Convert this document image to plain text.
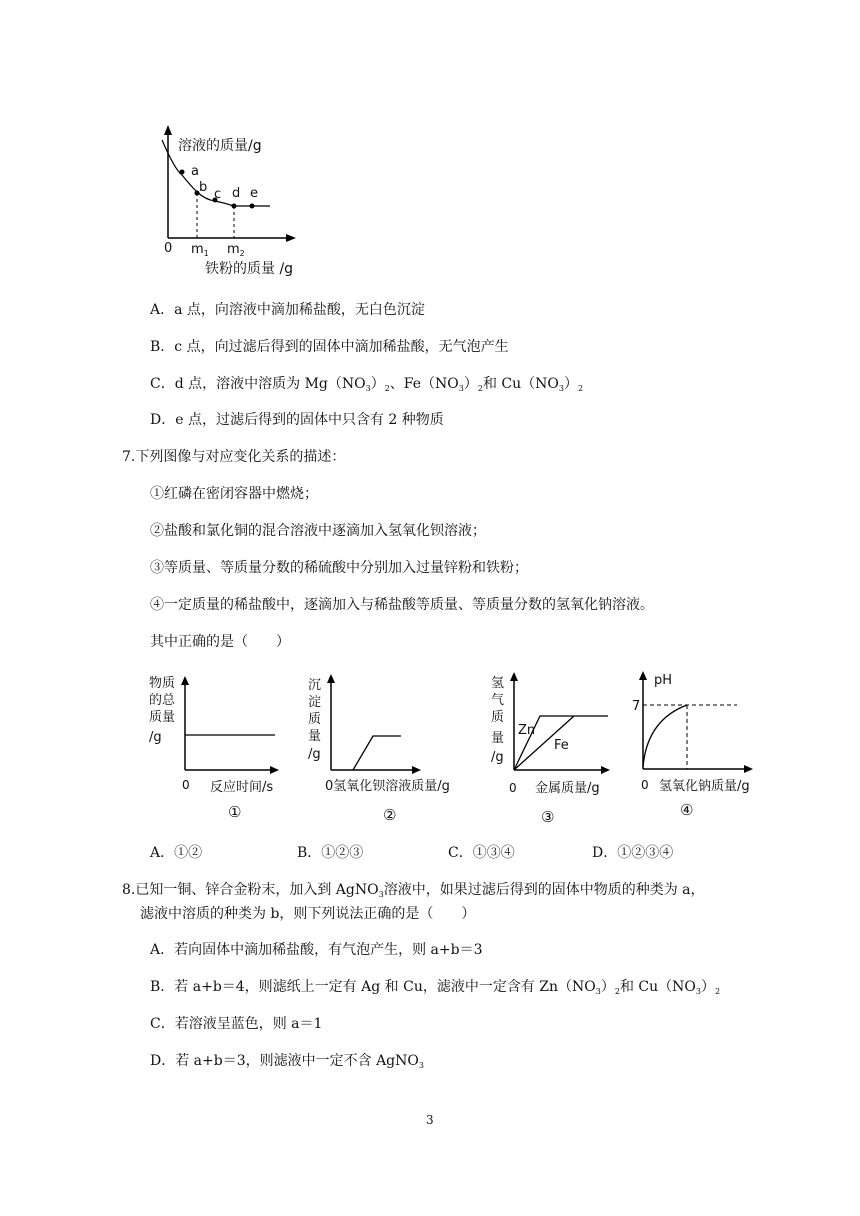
溶液的质量/g
a
b c d e
0 $m_1$ $m_2$
铁粉的质量 /g
A．a 点，向溶液中滴加稀盐酸，无白色沉淀
B．c 点，向过滤后得到的固体中滴加稀盐酸，无气泡产生
C．d 点，溶液中溶质为 $Mg(NO_3)_2$、$Fe(NO_3)_2$和 $Cu(NO_3)_2$
D．e 点，过滤后得到的固体中只含有 2 种物质
7.下列图像与对应变化关系的描述：
①红磷在密闭容器中燃烧；
②盐酸和氯化铜的混合溶液中逐滴加入氢氧化钡溶液；
③等质量、等质量分数的稀硫酸中分别加入过量锌粉和铁粉；
④一定质量的稀盐酸中，逐滴加入与稀盐酸等质量、等质量分数的氢氧化钠溶液。
其中正确的是（　　）
物质
的总
质量
/g
0 反应时间/s
①
沉
淀
质
量
/g
0氢氧化钡溶液质量/g
②
氢
气
质
量
/g
Zn
Fe
0 金属质量/g
③
pH
7
0 氢氧化钠质量/g
④
A．①②	B．①②③	C．①③④	D．①②③④
8.已知一铜、锌合金粉末，加入到 AgNO$_3$溶液中，如果过滤后得到的固体中物质的种类为 a，
滤液中溶质的种类为 b，则下列说法正确的是（　　）
A．若向固体中滴加稀盐酸，有气泡产生，则 a+b＝3
B．若 a+b＝4，则滤纸上一定有 Ag 和 Cu，滤液中一定含有 $Zn(NO_3)_2$和 $Cu(NO_3)_2$
C．若溶液呈蓝色，则 a＝1
D．若 a+b＝3，则滤液中一定不含 AgNO$_3$
3
